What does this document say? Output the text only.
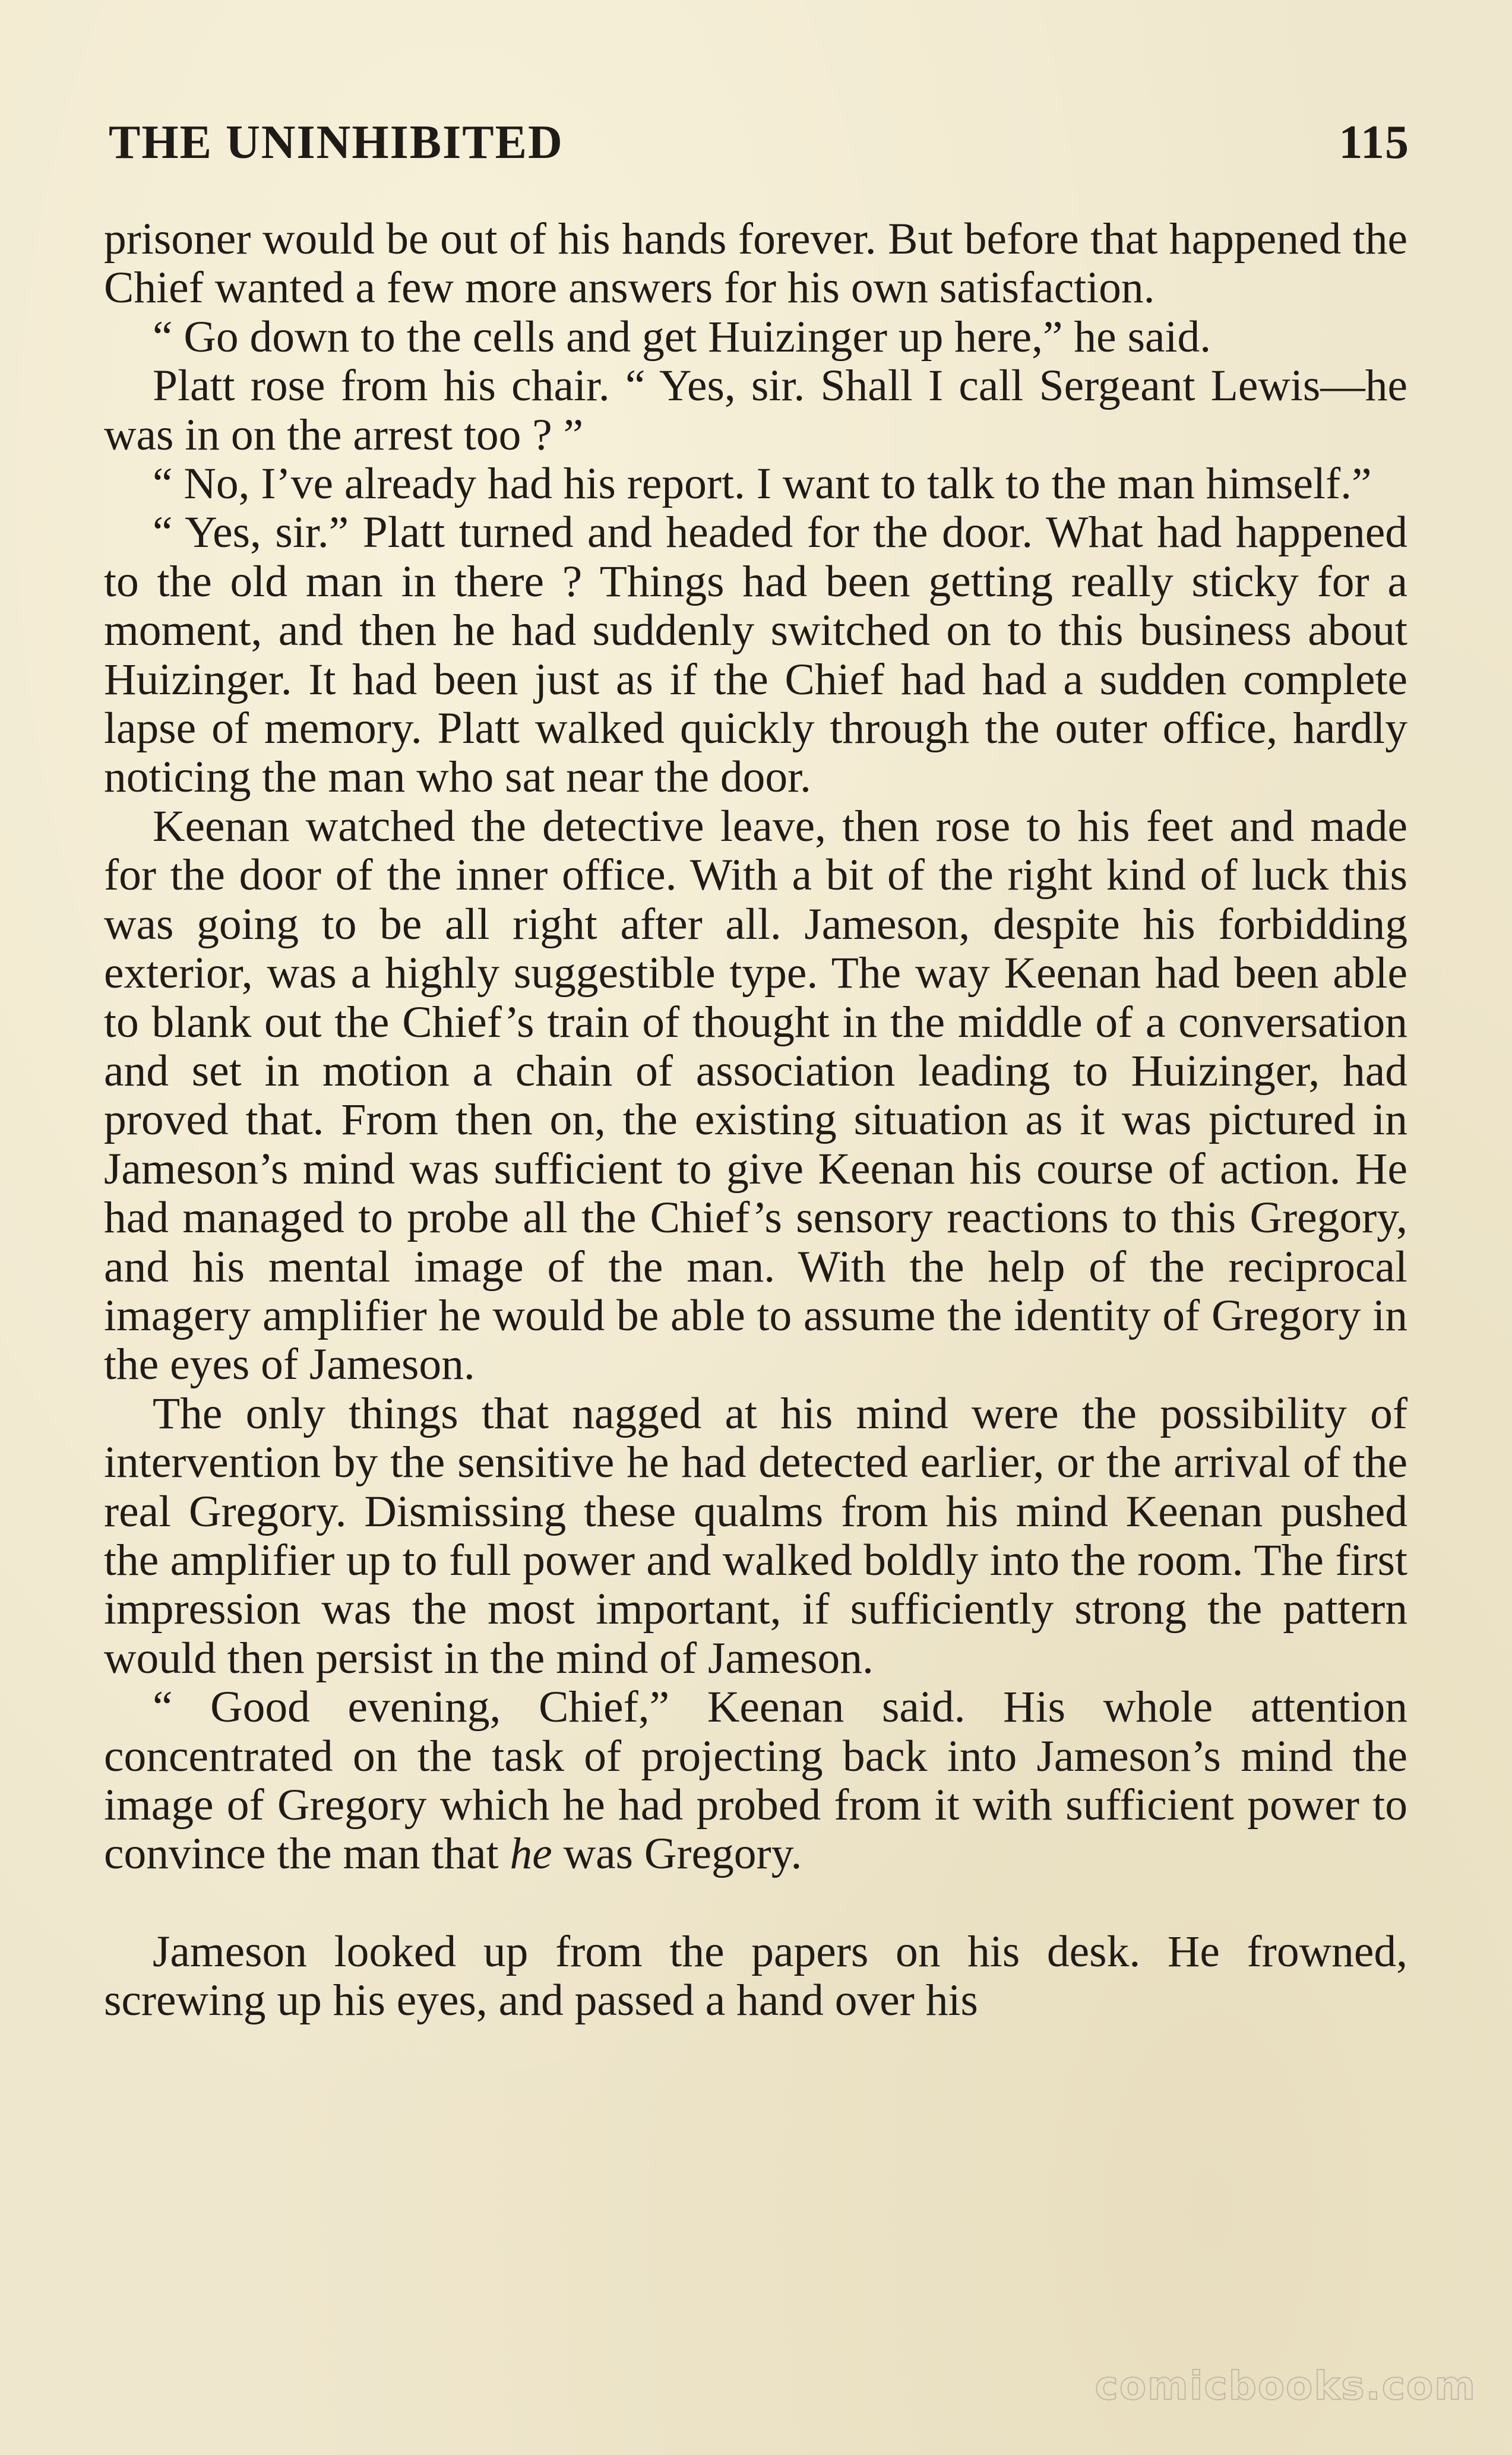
THE UNINHIBITED	115

prisoner would be out of his hands forever. But before that happened the Chief wanted a few more answers for his own satisfaction.

“ Go down to the cells and get Huizinger up here,” he said.

Platt rose from his chair. “ Yes, sir. Shall I call Sergeant Lewis—he was in on the arrest too ? ”

“ No, I’ve already had his report. I want to talk to the man himself.”

“ Yes, sir.” Platt turned and headed for the door. What had happened to the old man in there ? Things had been getting really sticky for a moment, and then he had suddenly switched on to this business about Huizinger. It had been just as if the Chief had had a sudden complete lapse of memory. Platt walked quickly through the outer office, hardly noticing the man who sat near the door.

Keenan watched the detective leave, then rose to his feet and made for the door of the inner office. With a bit of the right kind of luck this was going to be all right after all. Jameson, despite his forbidding exterior, was a highly suggestible type. The way Keenan had been able to blank out the Chief’s train of thought in the middle of a conversation and set in motion a chain of association leading to Huizinger, had proved that. From then on, the existing situation as it was pictured in Jameson’s mind was sufficient to give Keenan his course of action. He had managed to probe all the Chief’s sensory reactions to this Gregory, and his mental image of the man. With the help of the reciprocal imagery amplifier he would be able to assume the identity of Gregory in the eyes of Jameson.

The only things that nagged at his mind were the possibility of intervention by the sensitive he had detected earlier, or the arrival of the real Gregory. Dismissing these qualms from his mind Keenan pushed the amplifier up to full power and walked boldly into the room. The first impression was the most important, if sufficiently strong the pattern would then persist in the mind of Jameson.

“ Good evening, Chief,” Keenan said. His whole attention concentrated on the task of projecting back into Jameson’s mind the image of Gregory which he had probed from it with sufficient power to convince the man that he was Gregory.

Jameson looked up from the papers on his desk. He frowned, screwing up his eyes, and passed a hand over his

comicbooks.com
